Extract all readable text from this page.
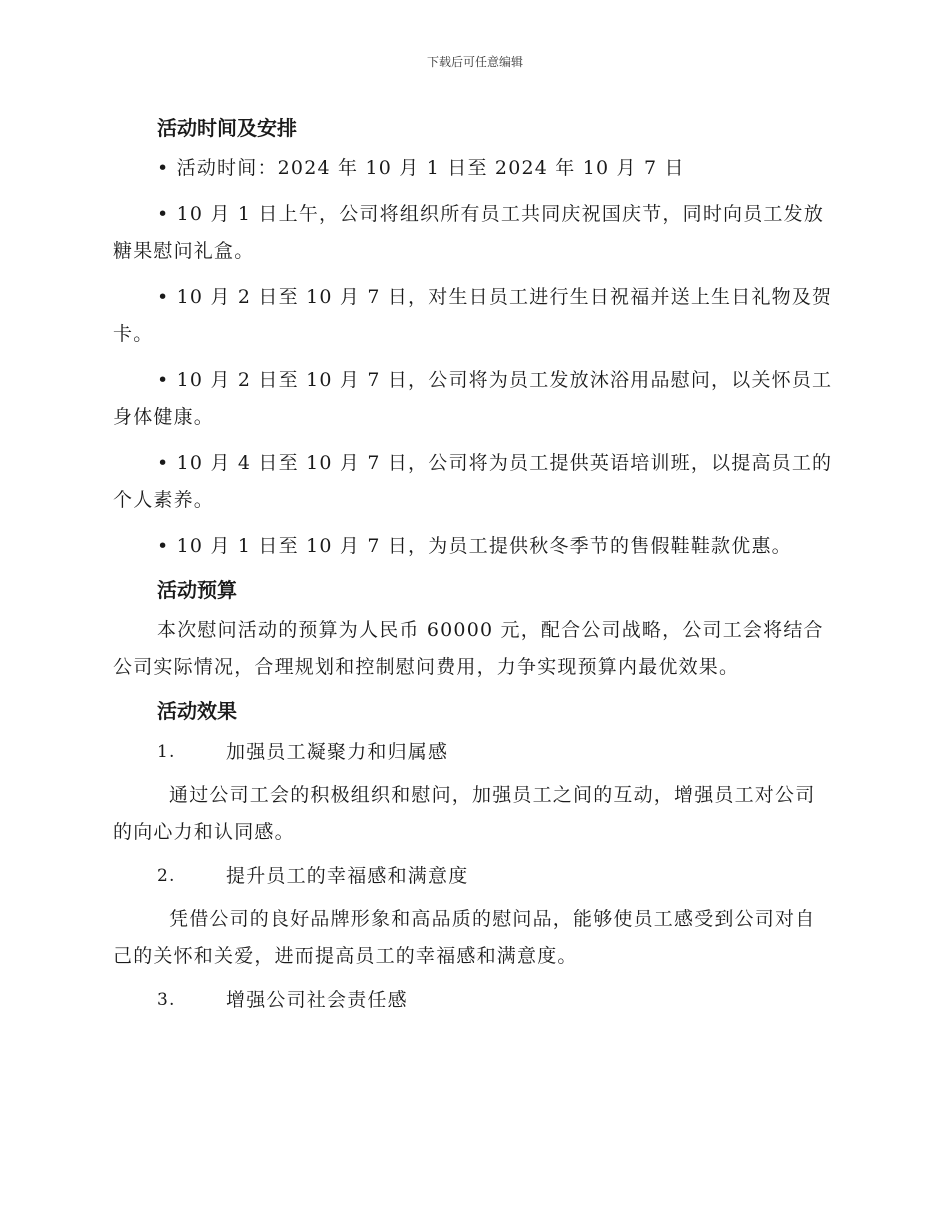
下载后可任意编辑

活动时间及安排

• 活动时间：2024 年 10 月 1 日至 2024 年 10 月 7 日

• 10 月 1 日上午，公司将组织所有员工共同庆祝国庆节，同时向员工发放糖果慰问礼盒。

• 10 月 2 日至 10 月 7 日，对生日员工进行生日祝福并送上生日礼物及贺卡。

• 10 月 2 日至 10 月 7 日，公司将为员工发放沐浴用品慰问，以关怀员工身体健康。

• 10 月 4 日至 10 月 7 日，公司将为员工提供英语培训班，以提高员工的个人素养。

• 10 月 1 日至 10 月 7 日，为员工提供秋冬季节的售假鞋鞋款优惠。

活动预算

本次慰问活动的预算为人民币 60000 元，配合公司战略，公司工会将结合公司实际情况，合理规划和控制慰问费用，力争实现预算内最优效果。

活动效果

1.	加强员工凝聚力和归属感

通过公司工会的积极组织和慰问，加强员工之间的互动，增强员工对公司的向心力和认同感。

2.	提升员工的幸福感和满意度

凭借公司的良好品牌形象和高品质的慰问品，能够使员工感受到公司对自己的关怀和关爱，进而提高员工的幸福感和满意度。

3.	增强公司社会责任感
